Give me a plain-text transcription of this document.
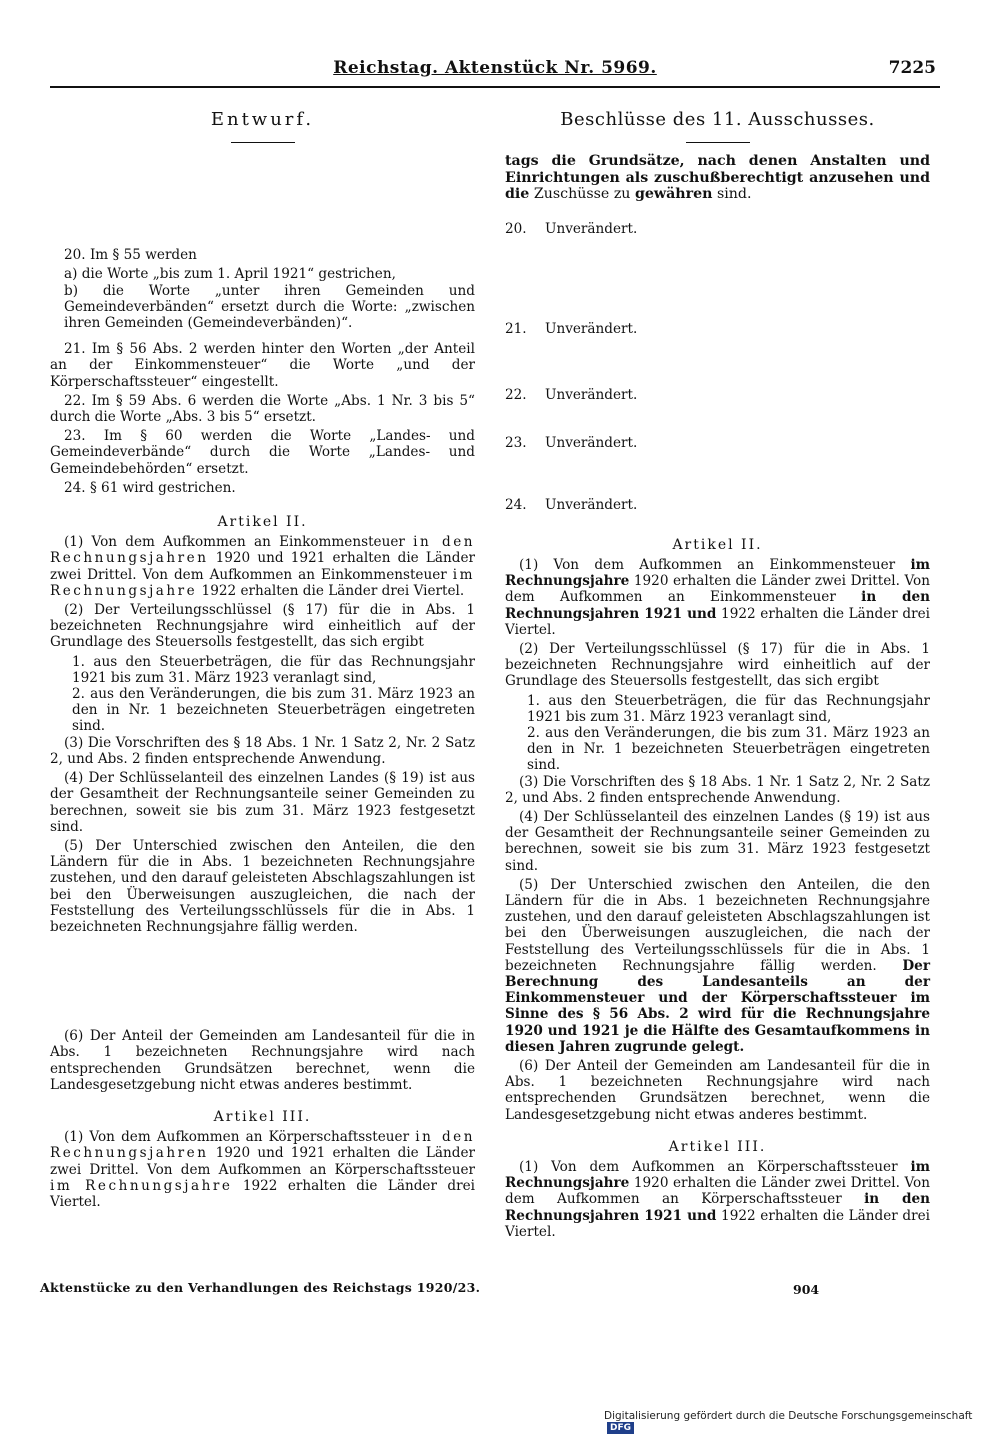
Reichstag. Aktenstück Nr. 5969.	7225
Entwurf.
20. Im § 55 werden
a) die Worte „bis zum 1. April 1921“ gestrichen,
b) die Worte „unter ihren Gemeinden und Gemeindeverbänden“ ersetzt durch die Worte: „zwischen ihren Gemeinden (Gemeindeverbänden)“.
21. Im § 56 Abs. 2 werden hinter den Worten „der Anteil an der Einkommensteuer“ die Worte „und der Körperschaftssteuer“ eingestellt.
22. Im § 59 Abs. 6 werden die Worte „Abs. 1 Nr. 3 bis 5“ durch die Worte „Abs. 3 bis 5“ ersetzt.
23. Im § 60 werden die Worte „Landes- und Gemeindeverbände“ durch die Worte „Landes- und Gemeindebehörden“ ersetzt.
24. § 61 wird gestrichen.
Artikel II.
(1) Von dem Aufkommen an Einkommensteuer in den Rechnungsjahren 1920 und 1921 erhalten die Länder zwei Drittel. Von dem Aufkommen an Einkommensteuer im Rechnungsjahre 1922 erhalten die Länder drei Viertel.
(2) Der Verteilungsschlüssel (§ 17) für die in Abs. 1 bezeichneten Rechnungsjahre wird einheitlich auf der Grundlage des Steuersolls festgestellt, das sich ergibt
1. aus den Steuerbeträgen, die für das Rechnungsjahr 1921 bis zum 31. März 1923 veranlagt sind,
2. aus den Veränderungen, die bis zum 31. März 1923 an den in Nr. 1 bezeichneten Steuerbeträgen eingetreten sind.
(3) Die Vorschriften des § 18 Abs. 1 Nr. 1 Satz 2, Nr. 2 Satz 2, und Abs. 2 finden entsprechende Anwendung.
(4) Der Schlüsselanteil des einzelnen Landes (§ 19) ist aus der Gesamtheit der Rechnungsanteile seiner Gemeinden zu berechnen, soweit sie bis zum 31. März 1923 festgesetzt sind.
(5) Der Unterschied zwischen den Anteilen, die den Ländern für die in Abs. 1 bezeichneten Rechnungsjahre zustehen, und den darauf geleisteten Abschlagszahlungen ist bei den Überweisungen auszugleichen, die nach der Feststellung des Verteilungsschlüssels für die in Abs. 1 bezeichneten Rechnungsjahre fällig werden.
(6) Der Anteil der Gemeinden am Landesanteil für die in Abs. 1 bezeichneten Rechnungsjahre wird nach entsprechenden Grundsätzen berechnet, wenn die Landesgesetzgebung nicht etwas anderes bestimmt.
Artikel III.
(1) Von dem Aufkommen an Körperschaftssteuer in den Rechnungsjahren 1920 und 1921 erhalten die Länder zwei Drittel. Von dem Aufkommen an Körperschaftssteuer im Rechnungsjahre 1922 erhalten die Länder drei Viertel.
Beschlüsse des 11. Ausschusses.
tags die Grundsätze, nach denen Anstalten und Einrichtungen als zuschußberechtigt anzusehen und die Zuschüsse zu gewähren sind.
20. Unverändert.
21. Unverändert.
22. Unverändert.
23. Unverändert.
24. Unverändert.
Artikel II.
(1) Von dem Aufkommen an Einkommensteuer im Rechnungsjahre 1920 erhalten die Länder zwei Drittel. Von dem Aufkommen an Einkommensteuer in den Rechnungsjahren 1921 und 1922 erhalten die Länder drei Viertel.
(2) Der Verteilungsschlüssel (§ 17) für die in Abs. 1 bezeichneten Rechnungsjahre wird einheitlich auf der Grundlage des Steuersolls festgestellt, das sich ergibt
1. aus den Steuerbeträgen, die für das Rechnungsjahr 1921 bis zum 31. März 1923 veranlagt sind,
2. aus den Veränderungen, die bis zum 31. März 1923 an den in Nr. 1 bezeichneten Steuerbeträgen eingetreten sind.
(3) Die Vorschriften des § 18 Abs. 1 Nr. 1 Satz 2, Nr. 2 Satz 2, und Abs. 2 finden entsprechende Anwendung.
(4) Der Schlüsselanteil des einzelnen Landes (§ 19) ist aus der Gesamtheit der Rechnungsanteile seiner Gemeinden zu berechnen, soweit sie bis zum 31. März 1923 festgesetzt sind.
(5) Der Unterschied zwischen den Anteilen, die den Ländern für die in Abs. 1 bezeichneten Rechnungsjahre zustehen, und den darauf geleisteten Abschlagszahlungen ist bei den Überweisungen auszugleichen, die nach der Feststellung des Verteilungsschlüssels für die in Abs. 1 bezeichneten Rechnungsjahre fällig werden. Der Berechnung des Landesanteils an der Einkommensteuer und der Körperschaftssteuer im Sinne des § 56 Abs. 2 wird für die Rechnungsjahre 1920 und 1921 je die Hälfte des Gesamtaufkommens in diesen Jahren zugrunde gelegt.
(6) Der Anteil der Gemeinden am Landesanteil für die in Abs. 1 bezeichneten Rechnungsjahre wird nach entsprechenden Grundsätzen berechnet, wenn die Landesgesetzgebung nicht etwas anderes bestimmt.
Artikel III.
(1) Von dem Aufkommen an Körperschaftssteuer im Rechnungsjahre 1920 erhalten die Länder zwei Drittel. Von dem Aufkommen an Körperschaftssteuer in den Rechnungsjahren 1921 und 1922 erhalten die Länder drei Viertel.
Aktenstücke zu den Verhandlungen des Reichstags 1920/23.	904
Digitalisierung gefördert durch die Deutsche ForschungsgemeinschaftDFG
